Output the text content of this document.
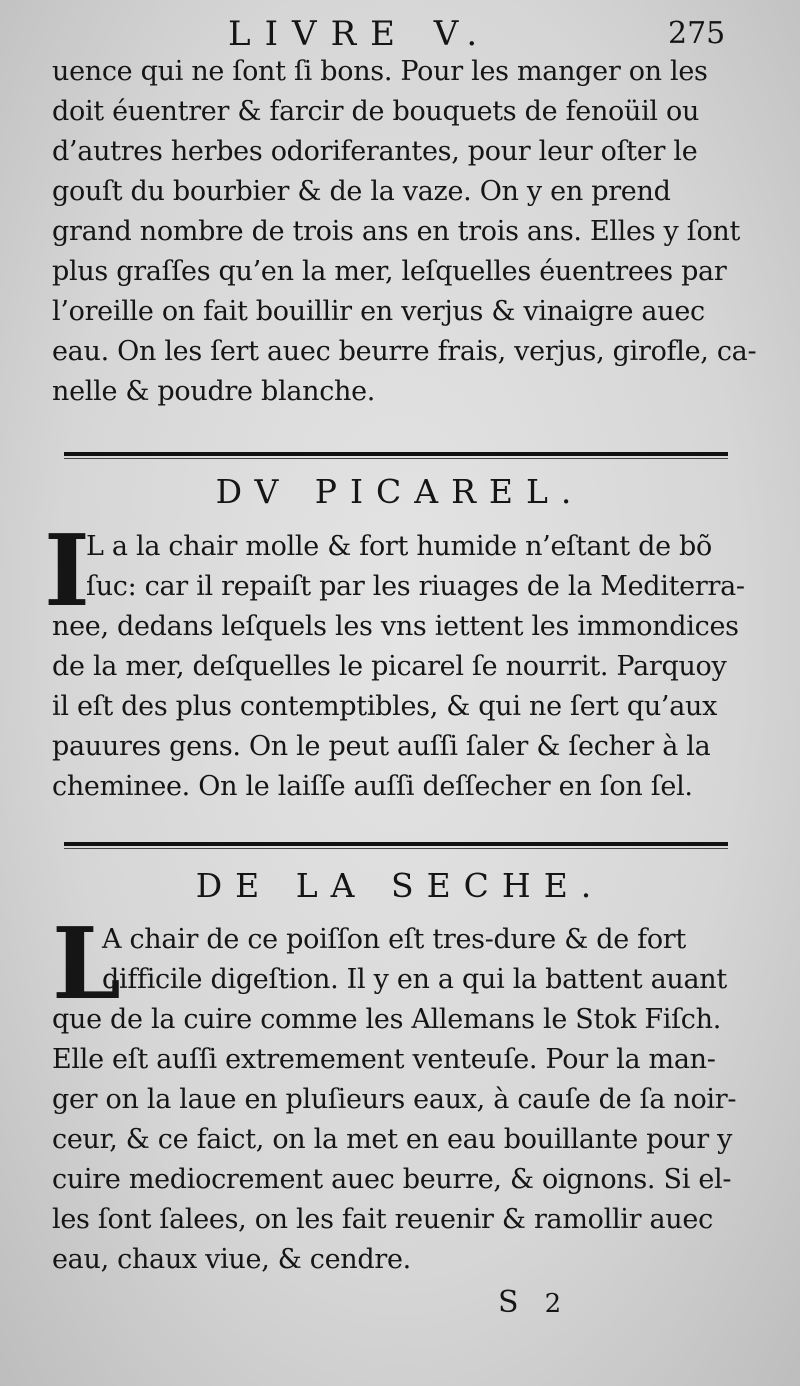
LIVRE V.	275
uence qui ne ſont ſi bons. Pour les manger on les
doit éuentrer & farcir de bouquets de fenoüil ou
d’autres herbes odoriferantes, pour leur oſter le
gouſt du bourbier & de la vaze. On y en prend
grand nombre de trois ans en trois ans. Elles y ſont
plus graſſes qu’en la mer, leſquelles éuentrees par
l’oreille on fait bouillir en verjus & vinaigre auec
eau. On les ſert auec beurre frais, verjus, girofle, ca-
nelle & poudre blanche.
DV PICAREL.
I
L a la chair molle & fort humide n’eſtant de bõ
ſuc: car il repaiſt par les riuages de la Mediterra-
nee, dedans leſquels les vns iettent les immondices
de la mer, deſquelles le picarel ſe nourrit. Parquoy
il eſt des plus contemptibles, & qui ne ſert qu’aux
pauures gens. On le peut auſſi ſaler & ſecher à la
cheminee. On le laiſſe auſſi deſſecher en ſon ſel.
DE LA SECHE.
L
A chair de ce poiſſon eſt tres-dure & de fort
difficile digeſtion. Il y en a qui la battent auant
que de la cuire comme les Allemans le Stok Fiſch.
Elle eſt auſſi extremement venteuſe. Pour la man-
ger on la laue en pluſieurs eaux, à cauſe de ſa noir-
ceur, & ce faict, on la met en eau bouillante pour y
cuire mediocrement auec beurre, & oignons. Si el-
les ſont ſalees, on les fait reuenir & ramollir auec
eau, chaux viue, & cendre.
S 2
